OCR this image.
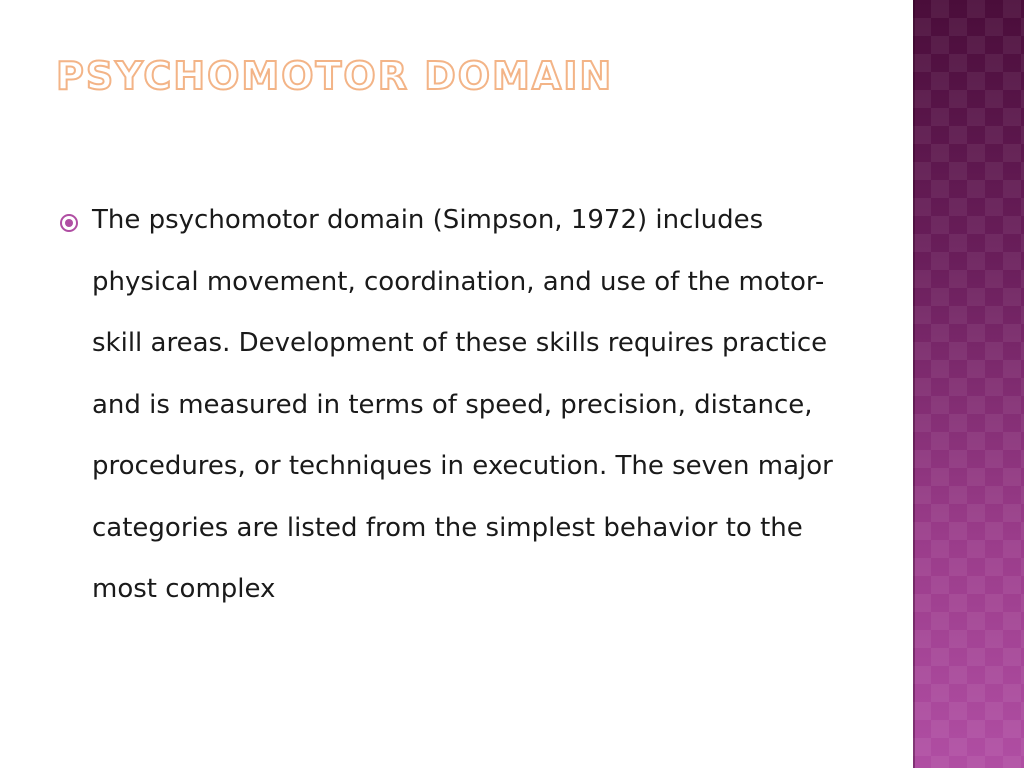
PSYCHOMOTOR DOMAIN

The psychomotor domain (Simpson, 1972) includes physical movement, coordination, and use of the motor-skill areas. Development of these skills requires practice and is measured in terms of speed, precision, distance, procedures, or techniques in execution. The seven major categories are listed from the simplest behavior to the most complex
